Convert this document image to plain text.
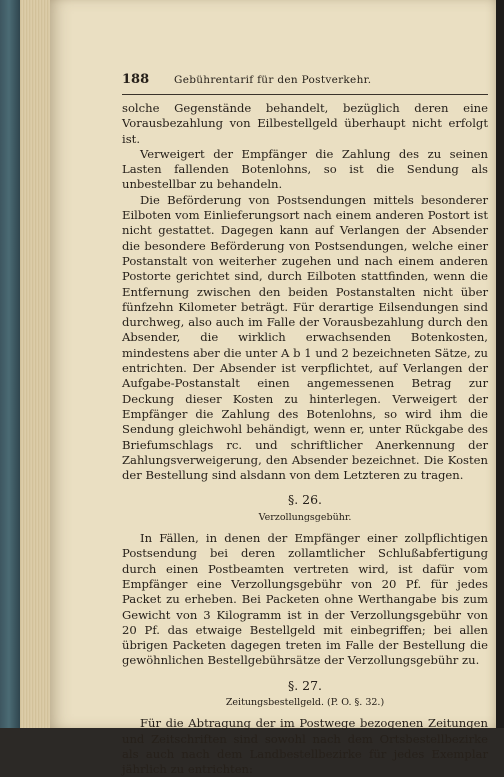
188	Gebührentarif für den Postverkehr.

solche Gegenstände behandelt, bezüglich deren eine Vorausbezahlung von Eilbestellgeld überhaupt nicht erfolgt ist.

Verweigert der Empfänger die Zahlung des zu seinen Lasten fallenden Botenlohns, so ist die Sendung als unbestellbar zu behandeln.

Die Beförderung von Postsendungen mittels besonderer Eilboten vom Einlieferungsort nach einem anderen Postort ist nicht gestattet. Dagegen kann auf Verlangen der Absender die besondere Beförderung von Postsendungen, welche einer Postanstalt von weiterher zugehen und nach einem anderen Postorte gerichtet sind, durch Eilboten stattfinden, wenn die Entfernung zwischen den beiden Postanstalten nicht über fünfzehn Kilometer beträgt. Für derartige Eilsendungen sind durchweg, also auch im Falle der Vorausbezahlung durch den Absender, die wirklich erwachsenden Botenkosten, mindestens aber die unter A b 1 und 2 bezeichneten Sätze, zu entrichten. Der Absender ist verpflichtet, auf Verlangen der Aufgabe-Postanstalt einen angemessenen Betrag zur Deckung dieser Kosten zu hinterlegen. Verweigert der Empfänger die Zahlung des Botenlohns, so wird ihm die Sendung gleichwohl behändigt, wenn er, unter Rückgabe des Briefumschlags rc. und schriftlicher Anerkennung der Zahlungsverweigerung, den Absender bezeichnet. Die Kosten der Bestellung sind alsdann von dem Letzteren zu tragen.

§. 26.
Verzollungsgebühr.

In Fällen, in denen der Empfänger einer zollpflichtigen Postsendung bei deren zollamtlicher Schlußabfertigung durch einen Postbeamten vertreten wird, ist dafür vom Empfänger eine Verzollungsgebühr von 20 Pf. für jedes Packet zu erheben. Bei Packeten ohne Werthangabe bis zum Gewicht von 3 Kilogramm ist in der Verzollungsgebühr von 20 Pf. das etwaige Bestellgeld mit einbegriffen; bei allen übrigen Packeten dagegen treten im Falle der Bestellung die gewöhnlichen Bestellgebührsätze der Verzollungsgebühr zu.

§. 27.
Zeitungsbestellgeld. (P. O. §. 32.)

Für die Abtragung der im Postwege bezogenen Zeitungen und Zeitschriften sind sowohl nach dem Ortsbestellbezirke als auch nach dem Landbestellbezirke für jedes Exemplar jährlich zu entrichten:
